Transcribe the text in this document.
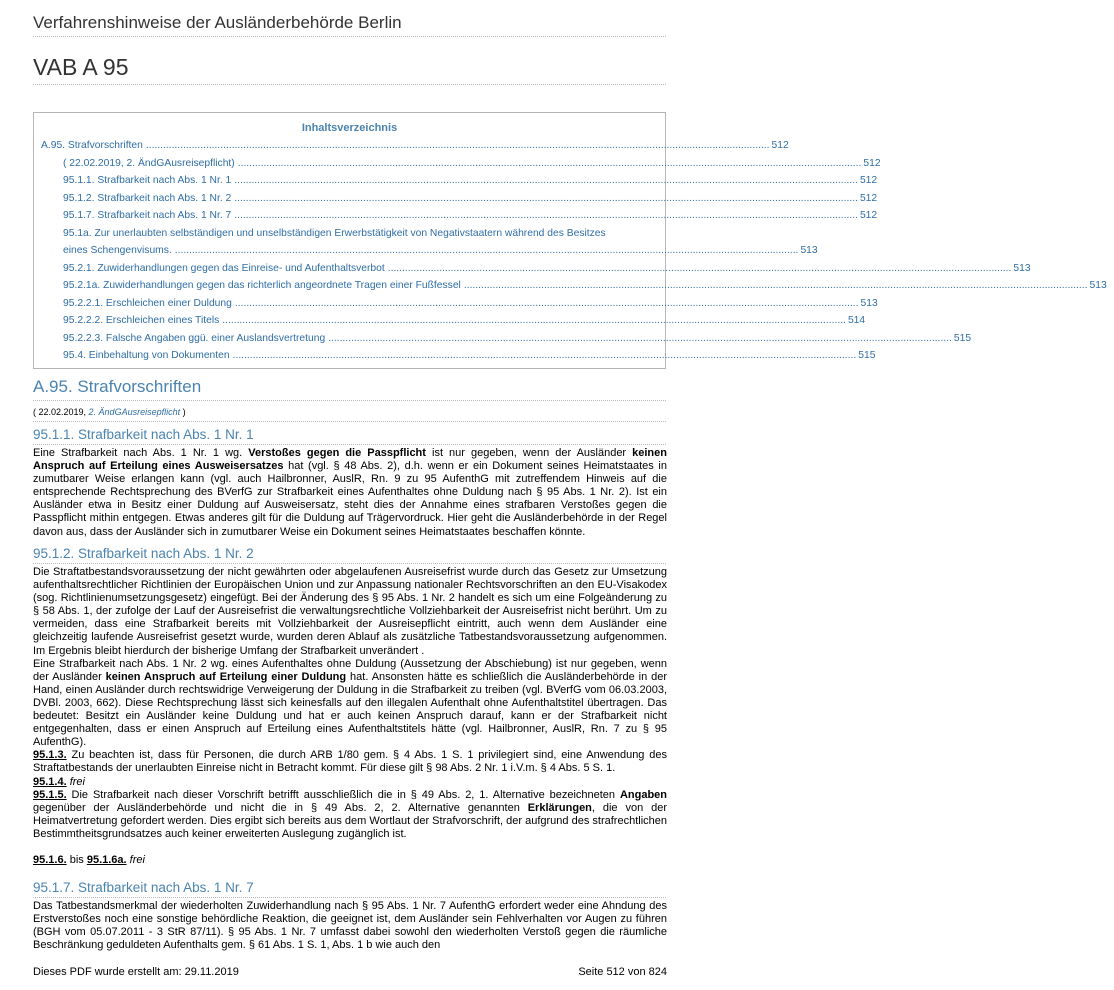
Verfahrenshinweise der Ausländerbehörde Berlin
VAB A 95
Inhaltsverzeichnis
A.95. Strafvorschriften .......................................................................................................................................................................................................................... 512
( 22.02.2019, 2. ÄndGAusreisepflicht) .......................................................................................................................................................................................................................... 512
95.1.1. Strafbarkeit nach Abs. 1 Nr. 1 .......................................................................................................................................................................................................................... 512
95.1.2. Strafbarkeit nach Abs. 1 Nr. 2 .......................................................................................................................................................................................................................... 512
95.1.7. Strafbarkeit nach Abs. 1 Nr. 7 .......................................................................................................................................................................................................................... 512
95.1a. Zur unerlaubten selbständigen und unselbständigen Erwerbstätigkeit von Negativstaatern während des Besitzes
eines Schengenvisums. .......................................................................................................................................................................................................................... 513
95.2.1. Zuwiderhandlungen gegen das Einreise- und Aufenthaltsverbot .......................................................................................................................................................................................................................... 513
95.2.1a. Zuwiderhandlungen gegen das richterlich angeordnete Tragen einer Fußfessel .......................................................................................................................................................................................................................... 513
95.2.2.1. Erschleichen einer Duldung .......................................................................................................................................................................................................................... 513
95.2.2.2. Erschleichen eines Titels .......................................................................................................................................................................................................................... 514
95.2.2.3. Falsche Angaben ggü. einer Auslandsvertretung .......................................................................................................................................................................................................................... 515
95.4. Einbehaltung von Dokumenten .......................................................................................................................................................................................................................... 515
A.95. Strafvorschriften
( 22.02.2019, 2. ÄndGAusreisepflicht )
95.1.1. Strafbarkeit nach Abs. 1 Nr. 1
Eine Strafbarkeit nach Abs. 1 Nr. 1 wg. Verstoßes gegen die Passpflicht ist nur gegeben, wenn der Ausländer keinen Anspruch auf Erteilung eines Ausweisersatzes hat (vgl. § 48 Abs. 2), d.h. wenn er ein Dokument seines Heimatstaates in zumutbarer Weise erlangen kann (vgl. auch Hailbronner, AuslR, Rn. 9 zu 95 AufenthG mit zutreffendem Hinweis auf die entsprechende Rechtsprechung des BVerfG zur Strafbarkeit eines Aufenthaltes ohne Duldung nach § 95 Abs. 1 Nr. 2). Ist ein Ausländer etwa in Besitz einer Duldung auf Ausweisersatz, steht dies der Annahme eines strafbaren Verstoßes gegen die Passpflicht mithin entgegen. Etwas anderes gilt für die Duldung auf Trägervordruck. Hier geht die Ausländerbehörde in der Regel davon aus, dass der Ausländer sich in zumutbarer Weise ein Dokument seines Heimatstaates beschaffen könnte.
95.1.2. Strafbarkeit nach Abs. 1 Nr. 2
Die Straftatbestandsvoraussetzung der nicht gewährten oder abgelaufenen Ausreisefrist wurde durch das Gesetz zur Umsetzung aufenthaltsrechtlicher Richtlinien der Europäischen Union und zur Anpassung nationaler Rechtsvorschriften an den EU-Visakodex (sog. Richtlinienumsetzungsgesetz) eingefügt. Bei der Änderung des § 95 Abs. 1 Nr. 2 handelt es sich um eine Folgeänderung zu § 58 Abs. 1, der zufolge der Lauf der Ausreisefrist die verwaltungsrechtliche Vollziehbarkeit der Ausreisefrist nicht berührt. Um zu vermeiden, dass eine Strafbarkeit bereits mit Vollziehbarkeit der Ausreisepflicht eintritt, auch wenn dem Ausländer eine gleichzeitig laufende Ausreisefrist gesetzt wurde, wurden deren Ablauf als zusätzliche Tatbestandsvoraussetzung aufgenommen. Im Ergebnis bleibt hierdurch der bisherige Umfang der Strafbarkeit unverändert .
Eine Strafbarkeit nach Abs. 1 Nr. 2 wg. eines Aufenthaltes ohne Duldung (Aussetzung der Abschiebung) ist nur gegeben, wenn der Ausländer keinen Anspruch auf Erteilung einer Duldung hat. Ansonsten hätte es schließlich die Ausländerbehörde in der Hand, einen Ausländer durch rechtswidrige Verweigerung der Duldung in die Strafbarkeit zu treiben (vgl. BVerfG vom 06.03.2003, DVBl. 2003, 662). Diese Rechtsprechung lässt sich keinesfalls auf den illegalen Aufenthalt ohne Aufenthaltstitel übertragen. Das bedeutet: Besitzt ein Ausländer keine Duldung und hat er auch keinen Anspruch darauf, kann er der Strafbarkeit nicht entgegenhalten, dass er einen Anspruch auf Erteilung eines Aufenthaltstitels hätte (vgl. Hailbronner, AuslR, Rn. 7 zu § 95 AufenthG).
95.1.3. Zu beachten ist, dass für Personen, die durch ARB 1/80 gem. § 4 Abs. 1 S. 1 privilegiert sind, eine Anwendung des Straftatbestands der unerlaubten Einreise nicht in Betracht kommt. Für diese gilt § 98 Abs. 2 Nr. 1 i.V.m. § 4 Abs. 5 S. 1.
95.1.4. frei
95.1.5. Die Strafbarkeit nach dieser Vorschrift betrifft ausschließlich die in § 49 Abs. 2, 1. Alternative bezeichneten Angaben gegenüber der Ausländerbehörde und nicht die in § 49 Abs. 2, 2. Alternative genannten Erklärungen, die von der Heimatvertretung gefordert werden. Dies ergibt sich bereits aus dem Wortlaut der Strafvorschrift, der aufgrund des strafrechtlichen Bestimmtheitsgrundsatzes auch keiner erweiterten Auslegung zugänglich ist.
95.1.6. bis 95.1.6a. frei
95.1.7. Strafbarkeit nach Abs. 1 Nr. 7
Das Tatbestandsmerkmal der wiederholten Zuwiderhandlung nach § 95 Abs. 1 Nr. 7 AufenthG erfordert weder eine Ahndung des Erstverstoßes noch eine sonstige behördliche Reaktion, die geeignet ist, dem Ausländer sein Fehlverhalten vor Augen zu führen (BGH vom 05.07.2011 - 3 StR 87/11). § 95 Abs. 1 Nr. 7 umfasst dabei sowohl den wiederholten Verstoß gegen die räumliche Beschränkung geduldeten Aufenthalts gem. § 61 Abs. 1 S. 1, Abs. 1 b wie auch den
Dieses PDF wurde erstellt am: 29.11.2019	Seite 512 von 824
